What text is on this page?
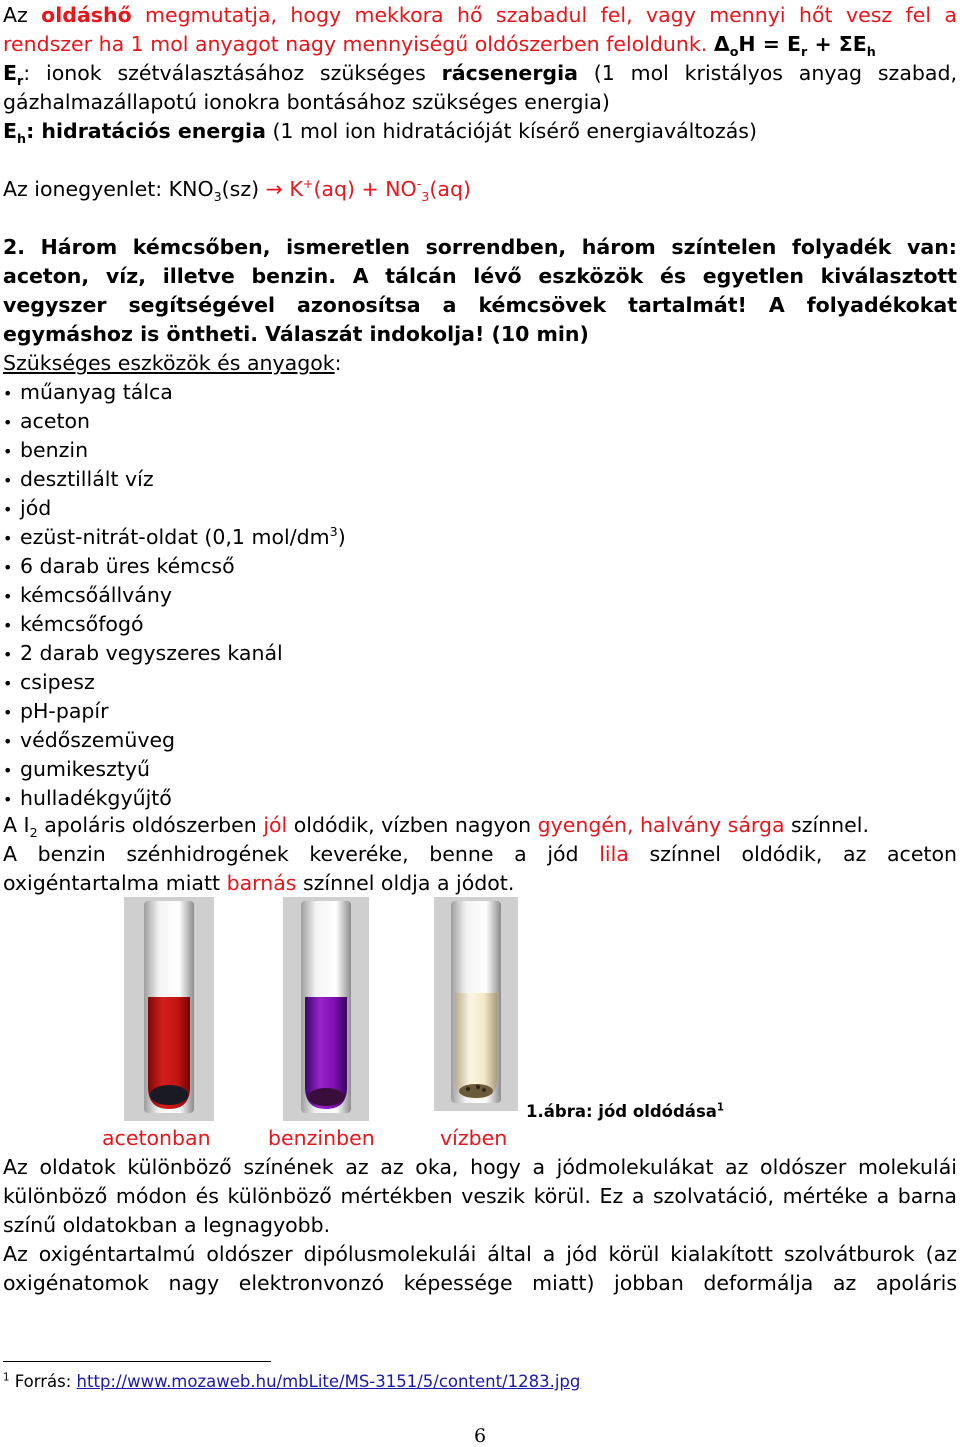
Az oldáshő megmutatja, hogy mekkora hő szabadul fel, vagy mennyi hőt vesz fel a
rendszer ha 1 mol anyagot nagy mennyiségű oldószerben feloldunk. $\Delta_oH = E_r + \Sigma E_h$
$E_r$: ionok szétválasztásához szükséges rácsenergia (1 mol kristályos anyag szabad,
gázhalmazállapotú ionokra bontásához szükséges energia)
$E_h$: hidratációs energia (1 mol ion hidratációját kísérő energiaváltozás)
Az ionegyenlet: $KNO_3(sz) \to K^+(aq) + NO^-_3(aq)$
2. Három kémcsőben, ismeretlen sorrendben, három színtelen folyadék van:
aceton, víz, illetve benzin. A tálcán lévő eszközök és egyetlen kiválasztott
vegyszer segítségével azonosítsa a kémcsövek tartalmát! A folyadékokat
egymáshoz is öntheti. Válaszát indokolja! (10 min)
Szükséges eszközök és anyagok:
• műanyag tálca
• aceton
• benzin
• desztillált víz
• jód
• ezüst-nitrát-oldat (0,1 mol/$dm^3$)
• 6 darab üres kémcső
• kémcsőállvány
• kémcsőfogó
• 2 darab vegyszeres kanál
• csipesz
• pH-papír
• védőszemüveg
• gumikesztyű
• hulladékgyűjtő
A $I_2$ apoláris oldószerben jól oldódik, vízben nagyon gyengén, halvány sárga színnel.
A benzin szénhidrogének keveréke, benne a jód lila színnel oldódik, az aceton
oxigéntartalma miatt barnás színnel oldja a jódot.
1.ábra: jód oldódása$^1$
acetonban	benzinben	vízben
Az oldatok különböző színének az az oka, hogy a jódmolekulákat az oldószer molekulái
különböző módon és különböző mértékben veszik körül. Ez a szolvatáció, mértéke a barna
színű oldatokban a legnagyobb.
Az oxigéntartalmú oldószer dipólusmolekulái által a jód körül kialakított szolvátburok (az
oxigénatomok nagy elektronvonzó képessége miatt) jobban deformálja az apoláris
$^1$ Forrás: http://www.mozaweb.hu/mbLite/MS-3151/5/content/1283.jpg
6
